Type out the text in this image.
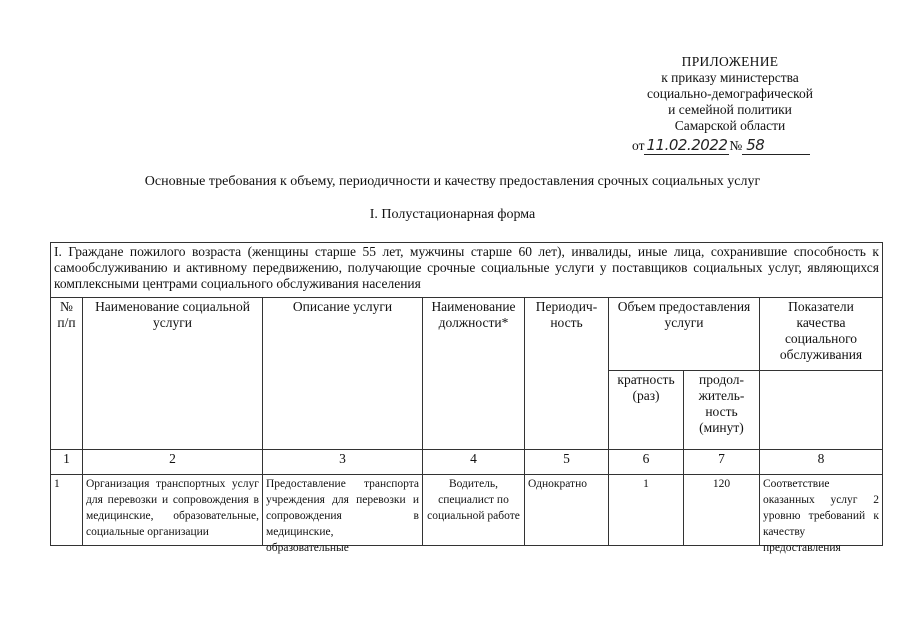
ПРИЛОЖЕНИЕ
к приказу министерства
социально-демографической
и семейной политики
Самарской области
от 11.02.2022 № 58
Основные требования к объему, периодичности и качеству предоставления срочных социальных услуг
I. Полустационарная форма
I. Граждане пожилого возраста (женщины старше 55 лет, мужчины старше 60 лет), инвалиды, иные лица, сохранившие способность к самообслуживанию и активному передвижению, получающие срочные социальные услуги у поставщиков социальных услуг, являющихся комплексными центрами социального обслуживания населения							
№ п/п	Наименование социальной услуги	Описание услуги	Наименование должности*	Периодич-ность	Объем предоставления услуги		Показатели качества социального обслуживания
					кратность (раз)	продол-житель-ность (минут)	
1	2	3	4	5	6	7	8

1	Организация транспортных услуг для перевозки и сопровождения в медицинские, образовательные, социальные организации	Предоставление транспорта учреждения для перевозки и сопровождения в медицинские, образовательные	Водитель, специалист по социальной работе	Однократно	1	120	Соответствие оказанных услуг 2 уровню требований к качеству предоставления
